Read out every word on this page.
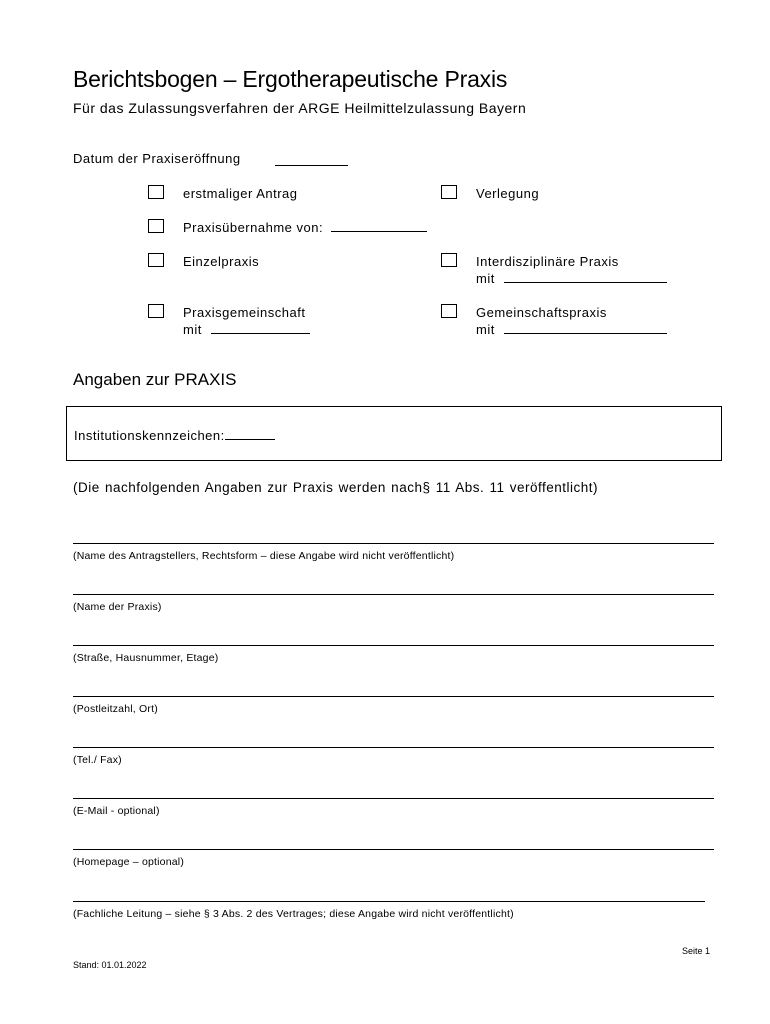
Berichtsbogen – Ergotherapeutische Praxis
Für das Zulassungsverfahren der ARGE Heilmittelzulassung Bayern
Datum der Praxiseröffnung
erstmaliger Antrag	Verlegung
Praxisübernahme von:
Einzelpraxis	Interdisziplinäre Praxis
mit
Praxisgemeinschaft
mit
Gemeinschaftspraxis
mit
Angaben zur PRAXIS
Institutionskennzeichen:
(Die nachfolgenden Angaben zur Praxis werden nach§ 11 Abs. 11 veröffentlicht)
(Name des Antragstellers, Rechtsform – diese Angabe wird nicht veröffentlicht)
(Name der Praxis)
(Straße, Hausnummer, Etage)
(Postleitzahl, Ort)
(Tel./ Fax)
(E-Mail - optional)
(Homepage – optional)
(Fachliche Leitung – siehe § 3 Abs. 2 des Vertrages; diese Angabe wird nicht veröffentlicht)
Seite 1
Stand: 01.01.2022
